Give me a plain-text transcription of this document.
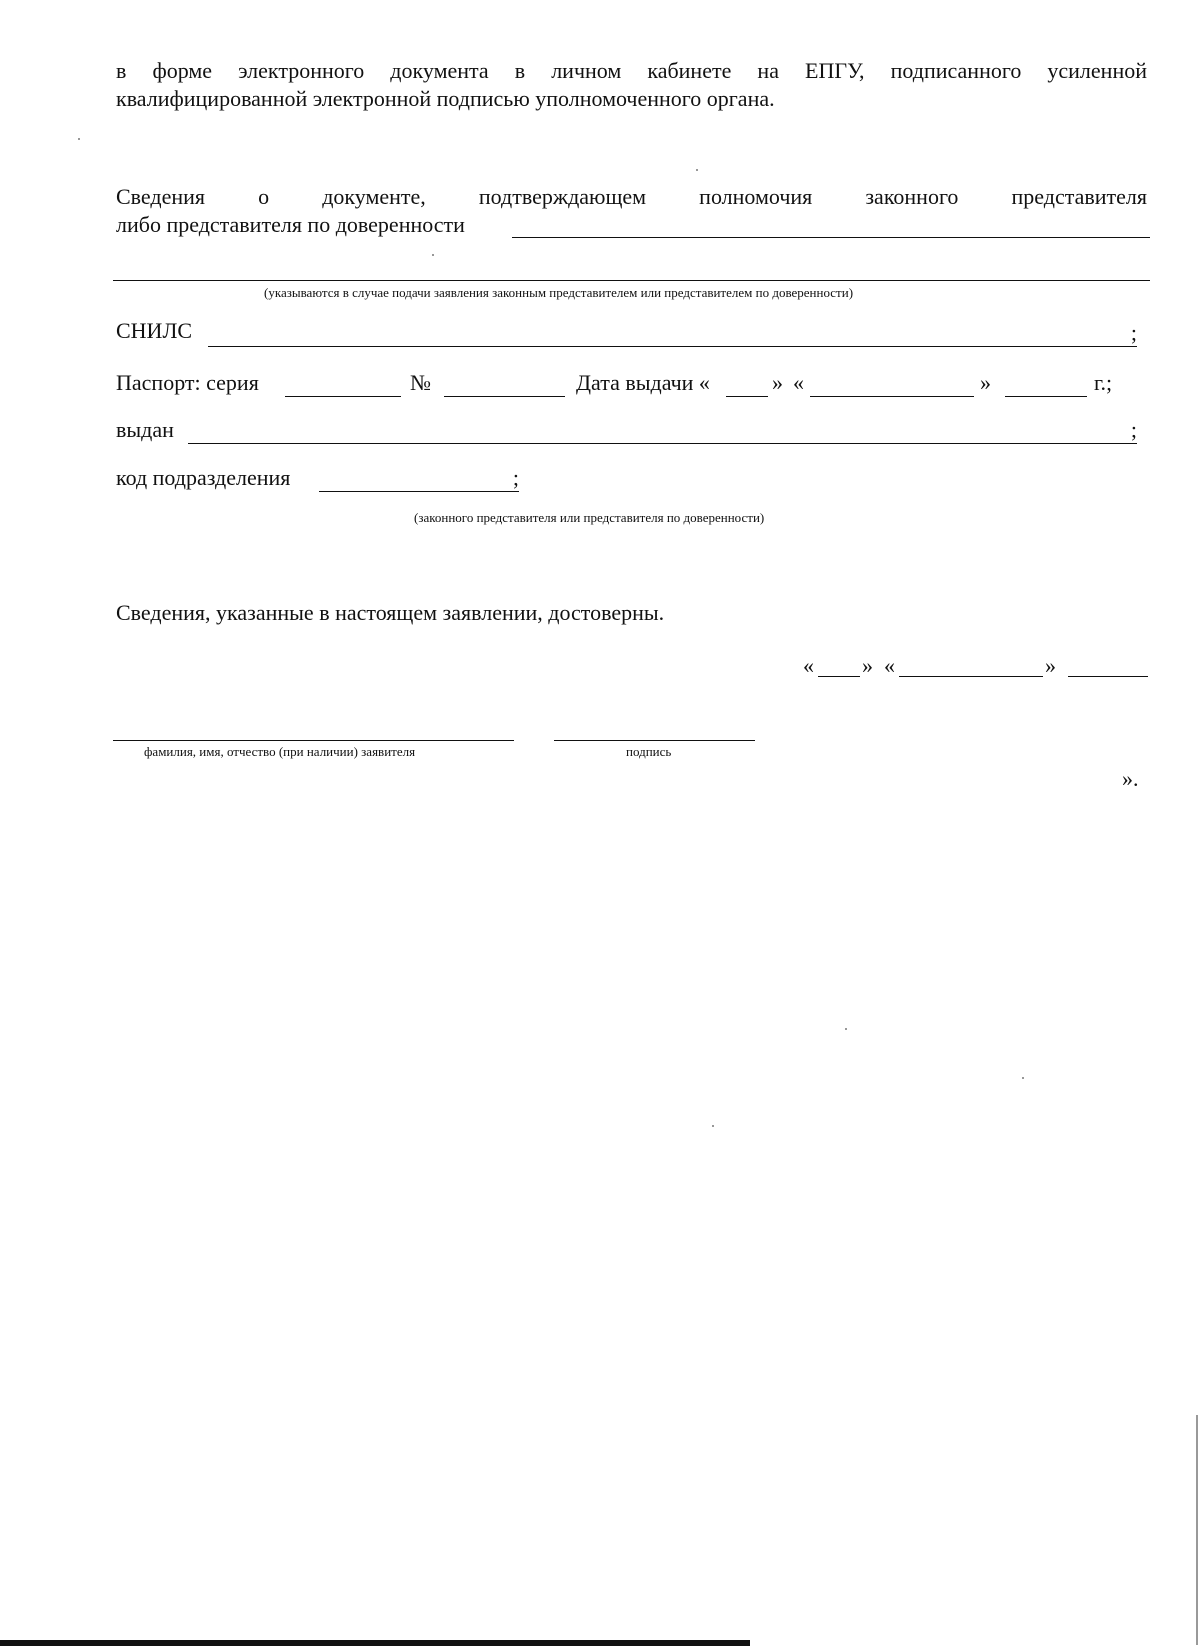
в форме электронного документа в личном кабинете на ЕПГУ, подписанного усиленной
квалифицированной электронной подписью уполномоченного органа.
Сведения о документе, подтверждающем полномочия законного представителя
либо представителя по доверенности
(указываются в случае подачи заявления законным представителем или представителем по доверенности)
СНИЛС	;
Паспорт: серия	№	Дата выдачи «	» «	»	г.;
выдан	;
код подразделения	;
(законного представителя или представителя по доверенности)
Сведения, указанные в настоящем заявлении, достоверны.
« » «	»
фамилия, имя, отчество (при наличии) заявителя	подпись
».
